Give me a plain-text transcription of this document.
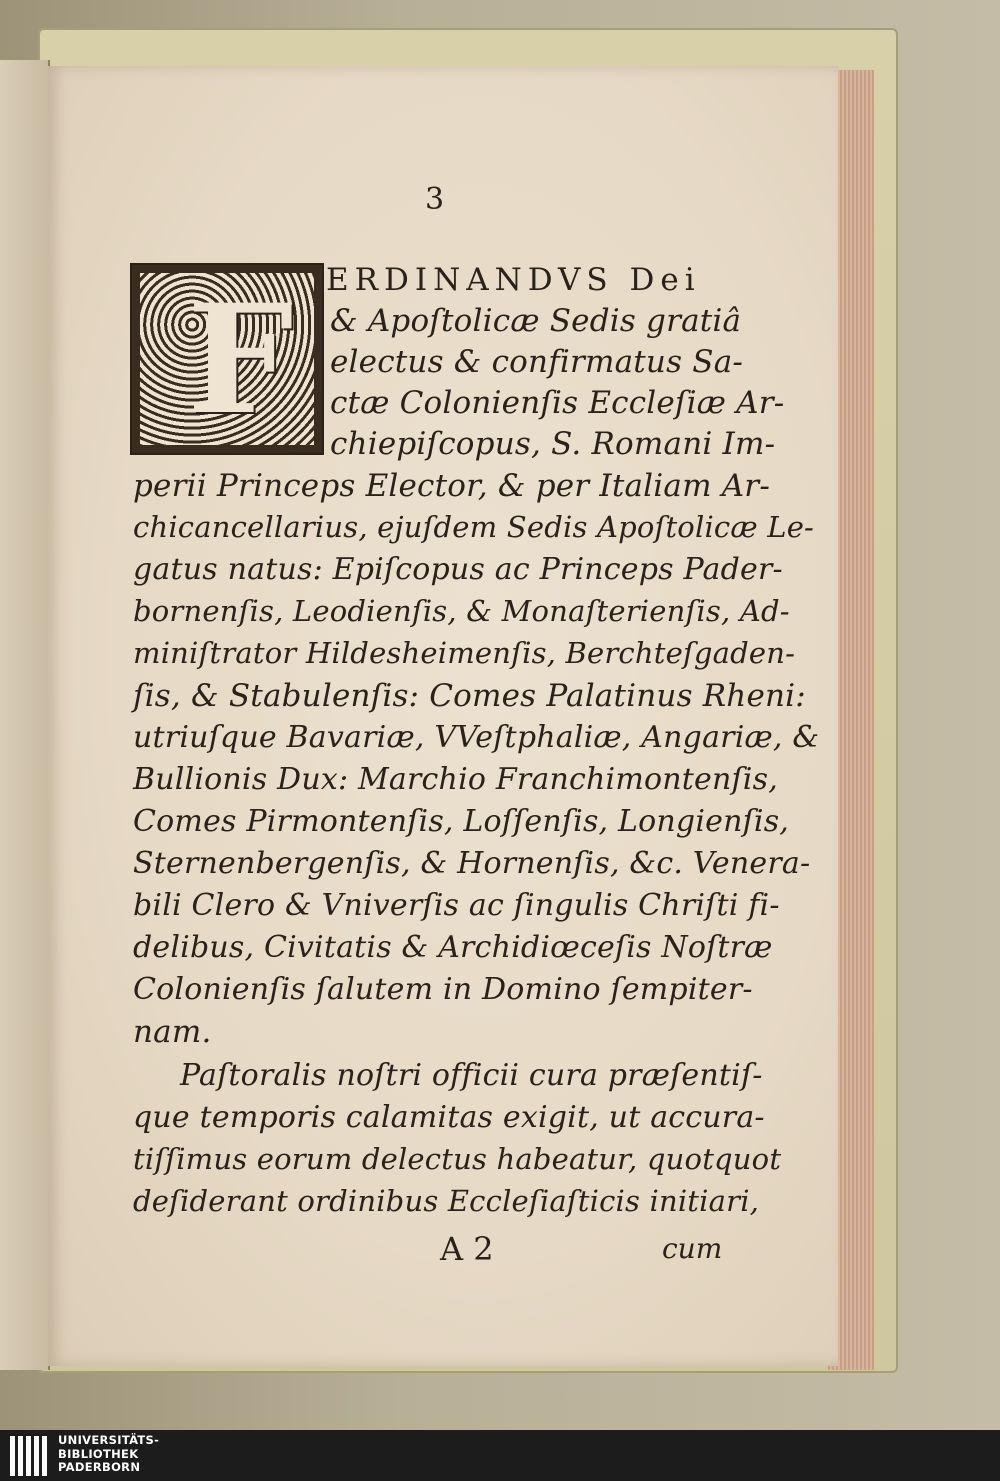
3
F ERDINANDVS Dei
& Apoſtolicæ Sedis gratiâ
electus & confirmatus Sa-
ctæ Colonienſis Eccleſiæ Ar-
chiepiſcopus, S. Romani Im-
perii Princeps Elector, & per Italiam Ar-
chicancellarius, ejuſdem Sedis Apoſtolicæ Le-
gatus natus: Epiſcopus ac Princeps Pader-
bornenſis, Leodienſis, & Monaſterienſis, Ad-
miniſtrator Hildesheimenſis, Berchteſgaden-
ſis, & Stabulenſis: Comes Palatinus Rheni:
utriuſque Bavariæ, VVeſtphaliæ, Angariæ, &
Bullionis Dux: Marchio Franchimontenſis,
Comes Pirmontenſis, Loſſenſis, Longienſis,
Sternenbergenſis, & Hornenſis, &c. Venera-
bili Clero & Vniverſis ac ſingulis Chriſti fi-
delibus, Civitatis & Archidiœceſis Noſtræ
Colonienſis ſalutem in Domino ſempiter-
nam.
Paſtoralis noſtri officii cura præſentiſ-
que temporis calamitas exigit, ut accura-
tiſſimus eorum delectus habeatur, quotquot
deſiderant ordinibus Eccleſiaſticis initiari,
A 2	cum
UNIVERSITÄTS-
BIBLIOTHEK
PADERBORN
